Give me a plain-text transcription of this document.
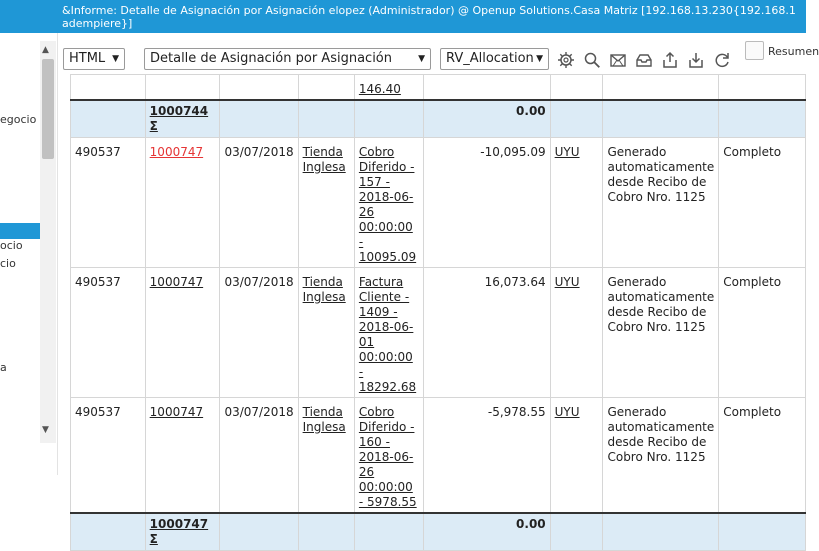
&Informe: Detalle de Asignación por Asignación elopez (Administrador) @ Openup Solutions.Casa Matriz [192.168.13.230{192.168.1
adempiere}]
egocio
ocio
cio
a
▲
▼
HTML ▼	Detalle de Asignación por Asignación	▼	RV_Allocation ▼
Resumen
				146.40				
	1000744 Σ				0.00			
490537	1000747	03/07/2018	Tienda Inglesa	Cobro Diferido - 157 - 2018-06-26 00:00:00 - 10095.09	-10,095.09	UYU	Generado automaticamente desde Recibo de Cobro Nro. 1125	Completo
490537	1000747	03/07/2018	Tienda Inglesa	Factura Cliente - 1409 - 2018-06-01 00:00:00 - 18292.68	16,073.64	UYU	Generado automaticamente desde Recibo de Cobro Nro. 1125	Completo
490537	1000747	03/07/2018	Tienda Inglesa	Cobro Diferido - 160 - 2018-06-26 00:00:00 - 5978.55	-5,978.55	UYU	Generado automaticamente desde Recibo de Cobro Nro. 1125	Completo
	1000747 Σ				0.00			
